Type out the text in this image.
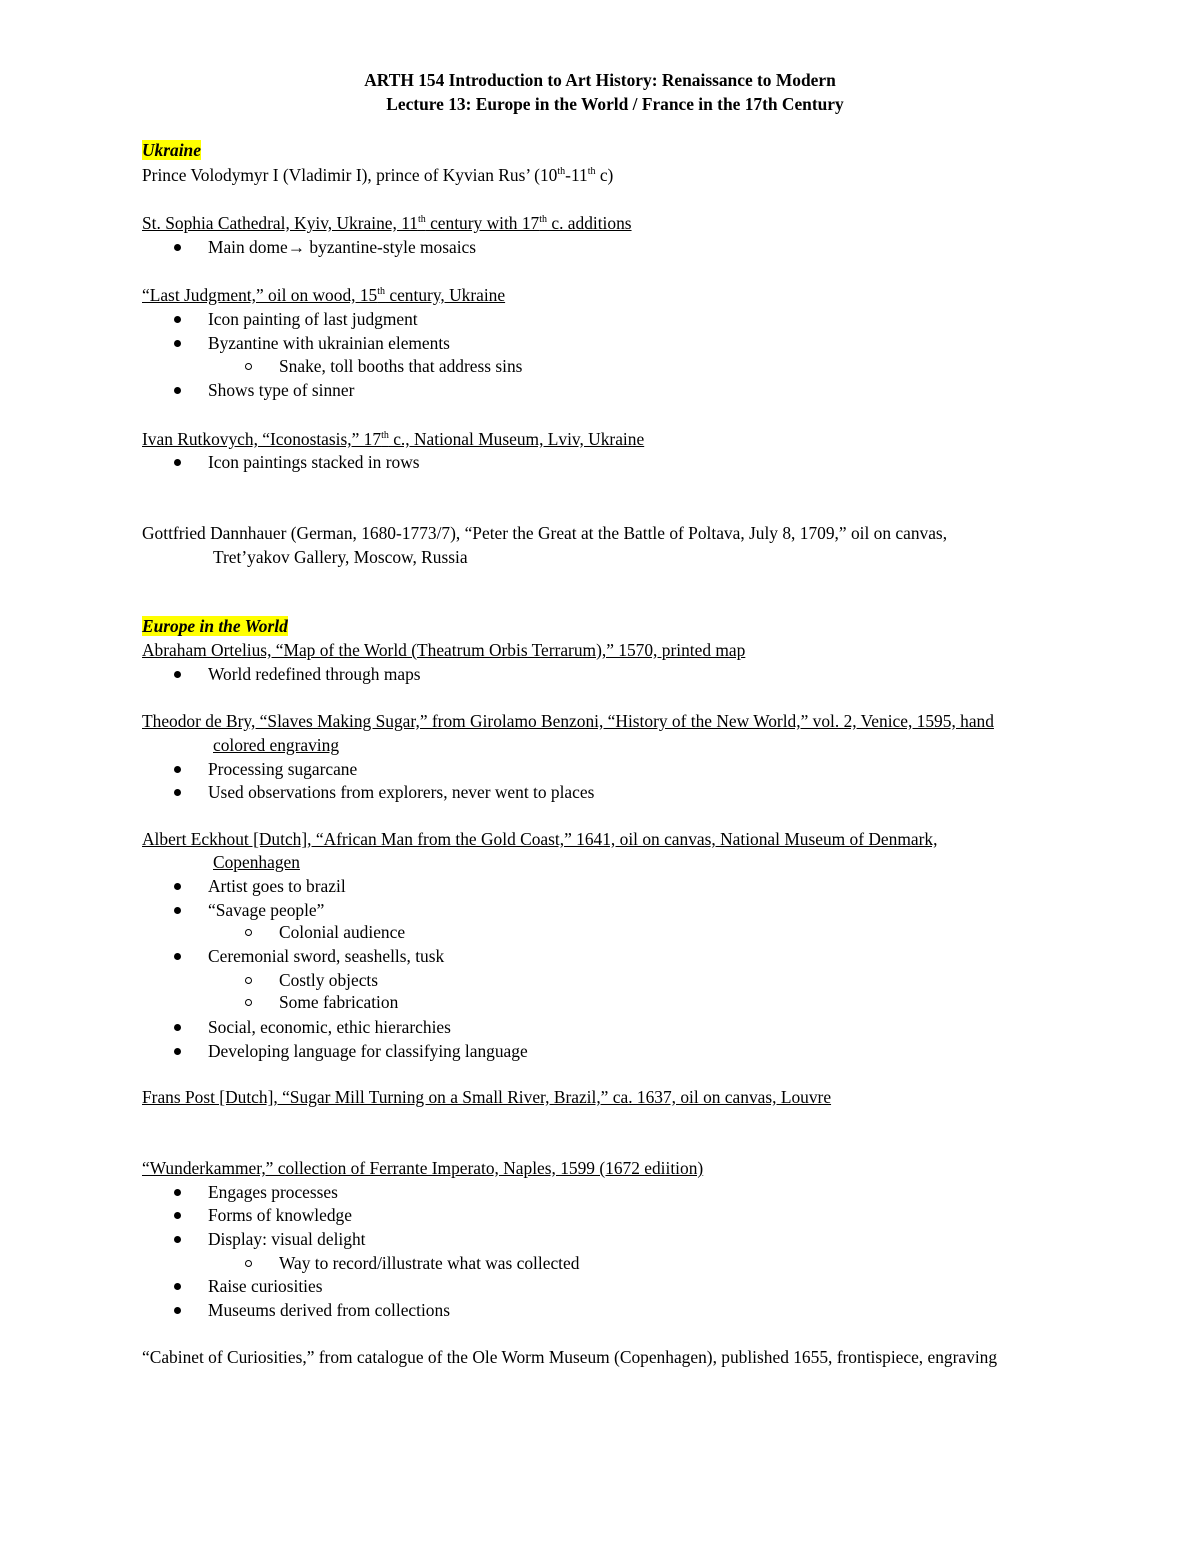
ARTH 154 Introduction to Art History: Renaissance to Modern
Lecture 13: Europe in the World / France in the 17th Century
Ukraine
Prince Volodymyr I (Vladimir I), prince of Kyvian Rus’ (10th-11th c)
St. Sophia Cathedral, Kyiv, Ukraine, 11th century with 17th c. additions
Main dome→ byzantine-style mosaics
“Last Judgment,” oil on wood, 15th century, Ukraine
Icon painting of last judgment
Byzantine with ukrainian elements
Snake, toll booths that address sins
Shows type of sinner
Ivan Rutkovych, “Iconostasis,” 17th c., National Museum, Lviv, Ukraine
Icon paintings stacked in rows
Gottfried Dannhauer (German, 1680-1773/7), “Peter the Great at the Battle of Poltava, July 8, 1709,” oil on canvas,
Tret’yakov Gallery, Moscow, Russia
Europe in the World
Abraham Ortelius, “Map of the World (Theatrum Orbis Terrarum),” 1570, printed map
World redefined through maps
Theodor de Bry, “Slaves Making Sugar,” from Girolamo Benzoni, “History of the New World,” vol. 2, Venice, 1595, hand
colored engraving
Processing sugarcane
Used observations from explorers, never went to places
Albert Eckhout [Dutch], “African Man from the Gold Coast,” 1641, oil on canvas, National Museum of Denmark,
Copenhagen
Artist goes to brazil
“Savage people”
Colonial audience
Ceremonial sword, seashells, tusk
Costly objects
Some fabrication
Social, economic, ethic hierarchies
Developing language for classifying language
Frans Post [Dutch], “Sugar Mill Turning on a Small River, Brazil,” ca. 1637, oil on canvas, Louvre
“Wunderkammer,” collection of Ferrante Imperato, Naples, 1599 (1672 ediition)
Engages processes
Forms of knowledge
Display: visual delight
Way to record/illustrate what was collected
Raise curiosities
Museums derived from collections
“Cabinet of Curiosities,” from catalogue of the Ole Worm Museum (Copenhagen), published 1655, frontispiece, engraving
